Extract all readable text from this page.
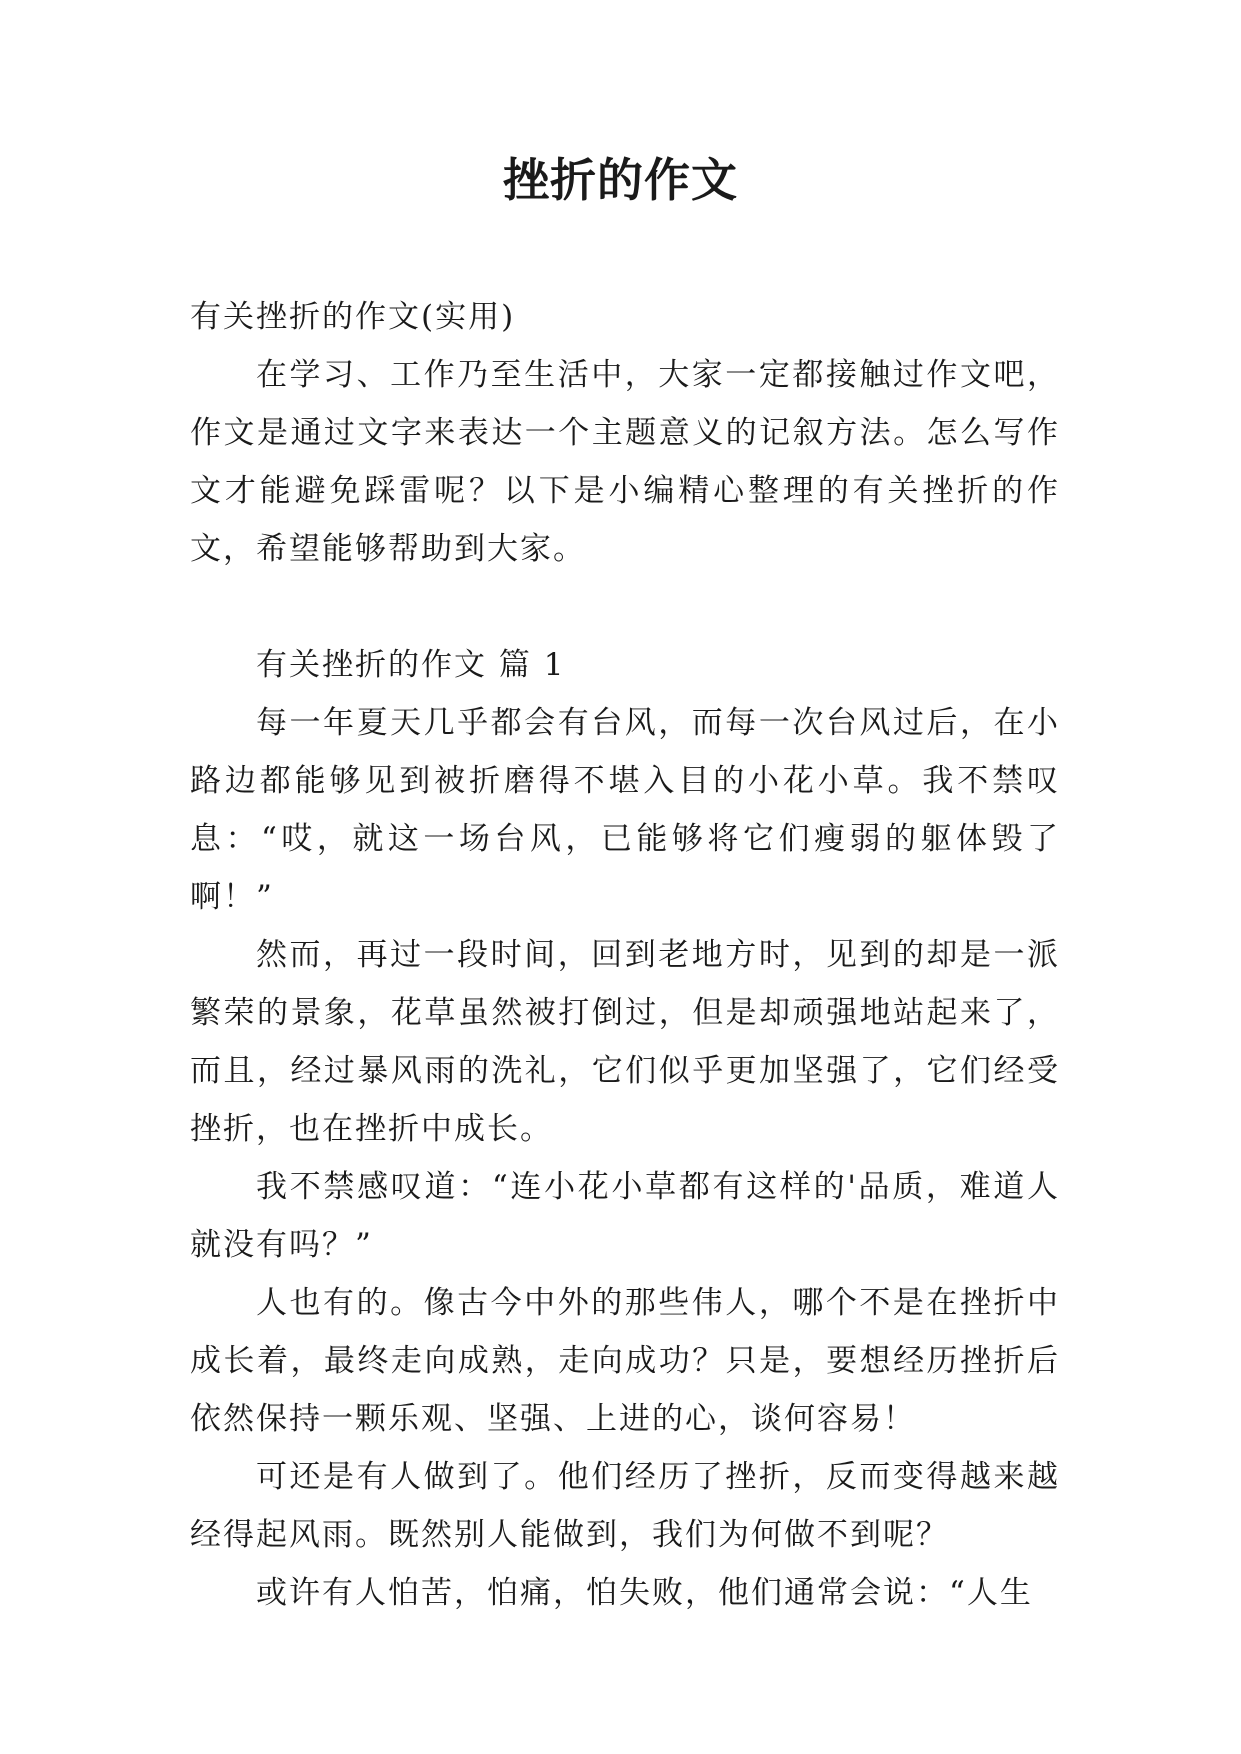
挫折的作文

有关挫折的作文(实用)

在学习、工作乃至生活中，大家一定都接触过作文吧，作文是通过文字来表达一个主题意义的记叙方法。怎么写作文才能避免踩雷呢？以下是小编精心整理的有关挫折的作文，希望能够帮助到大家。

有关挫折的作文 篇 1

每一年夏天几乎都会有台风，而每一次台风过后，在小路边都能够见到被折磨得不堪入目的小花小草。我不禁叹息：“哎，就这一场台风，已能够将它们瘦弱的躯体毁了啊！”

然而，再过一段时间，回到老地方时，见到的却是一派繁荣的景象，花草虽然被打倒过，但是却顽强地站起来了，而且，经过暴风雨的洗礼，它们似乎更加坚强了，它们经受挫折，也在挫折中成长。

我不禁感叹道：“连小花小草都有这样的'品质，难道人就没有吗？”

人也有的。像古今中外的那些伟人，哪个不是在挫折中成长着，最终走向成熟，走向成功？只是，要想经历挫折后依然保持一颗乐观、坚强、上进的心，谈何容易！

可还是有人做到了。他们经历了挫折，反而变得越来越经得起风雨。既然别人能做到，我们为何做不到呢？

或许有人怕苦，怕痛，怕失败，他们通常会说：“人生
